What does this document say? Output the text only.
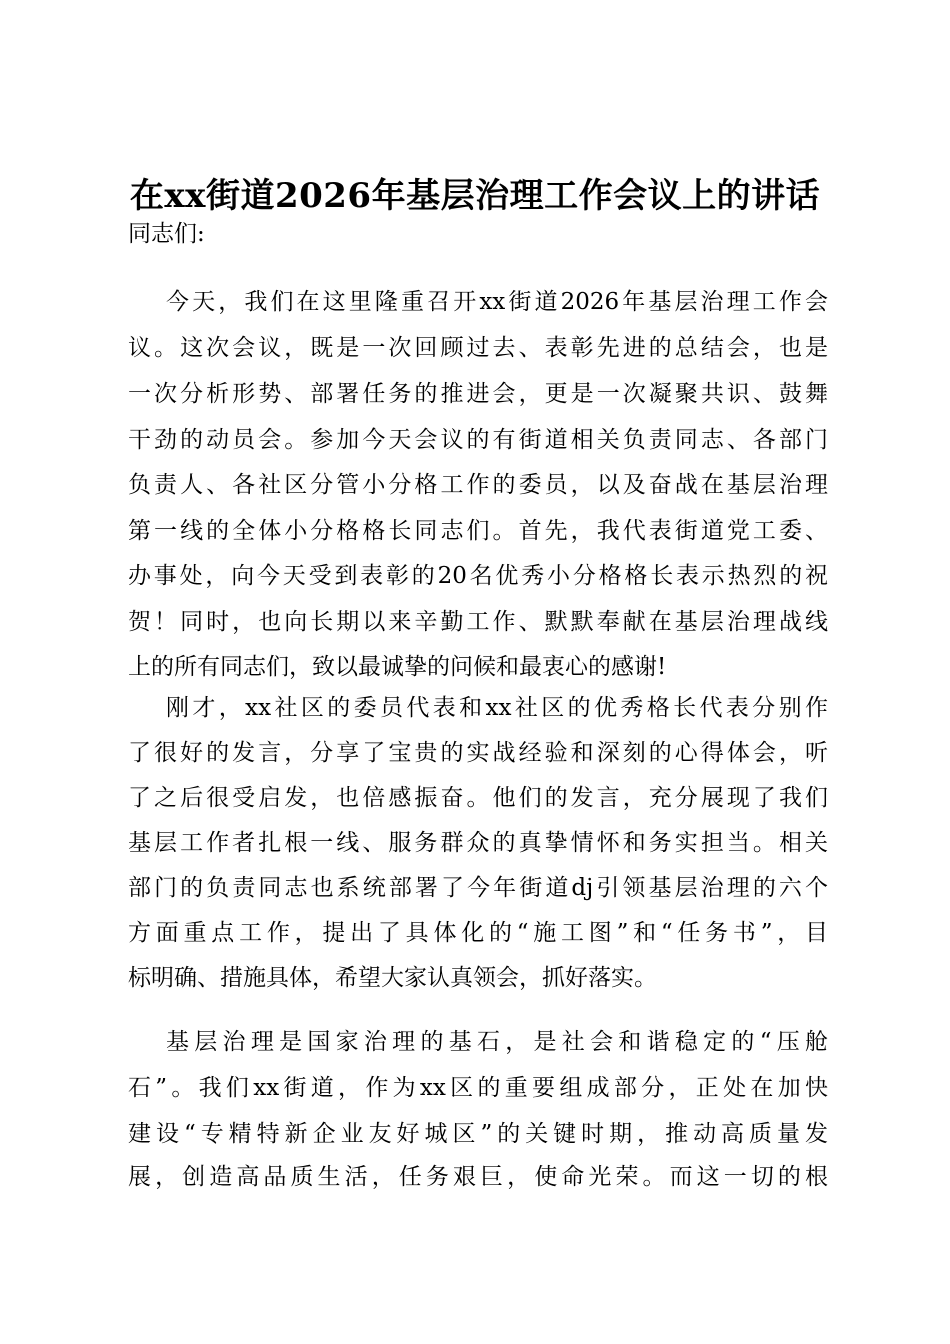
在xx街道2026年基层治理工作会议上的讲话
同志们:
今天，我们在这里隆重召开xx街道2026年基层治理工作会
议。这次会议，既是一次回顾过去、表彰先进的总结会，也是
一次分析形势、部署任务的推进会，更是一次凝聚共识、鼓舞
干劲的动员会。参加今天会议的有街道相关负责同志、各部门
负责人、各社区分管小分格工作的委员，以及奋战在基层治理
第一线的全体小分格格长同志们。首先，我代表街道党工委、
办事处，向今天受到表彰的20名优秀小分格格长表示热烈的祝
贺！同时，也向长期以来辛勤工作、默默奉献在基层治理战线
上的所有同志们，致以最诚挚的问候和最衷心的感谢!
刚才，xx社区的委员代表和xx社区的优秀格长代表分别作
了很好的发言，分享了宝贵的实战经验和深刻的心得体会，听
了之后很受启发，也倍感振奋。他们的发言，充分展现了我们
基层工作者扎根一线、服务群众的真挚情怀和务实担当。相关
部门的负责同志也系统部署了今年街道dj引领基层治理的六个
方面重点工作，提出了具体化的“施工图”和“任务书”，目
标明确、措施具体，希望大家认真领会，抓好落实。
基层治理是国家治理的基石，是社会和谐稳定的“压舱
石”。我们xx街道，作为xx区的重要组成部分，正处在加快
建设“专精特新企业友好城区”的关键时期，推动高质量发
展，创造高品质生活，任务艰巨，使命光荣。而这一切的根
